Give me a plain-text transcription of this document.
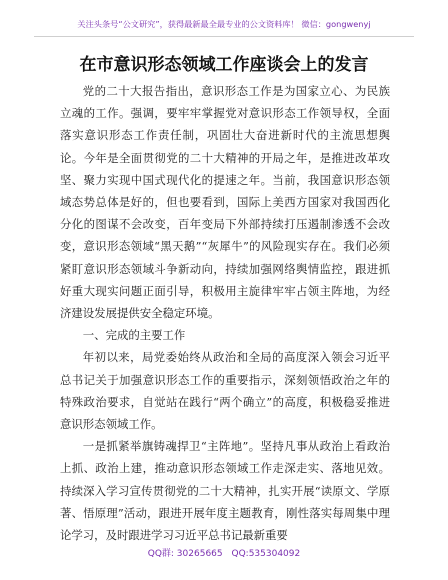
关注头条号“公文研究”，获得最新最全最专业的公文资料库！ 微信：gongwenyj
在市意识形态领域工作座谈会上的发言

党的二十大报告指出，意识形态工作是为国家立心、为民族立魂的工作。强调，要牢牢掌握党对意识形态工作领导权，全面落实意识形态工作责任制，巩固壮大奋进新时代的主流思想舆论。今年是全面贯彻党的二十大精神的开局之年，是推进改革攻坚、聚力实现中国式现代化的提速之年。当前，我国意识形态领域态势总体是好的，但也要看到，国际上美西方国家对我国西化分化的图谋不会改变，百年变局下外部持续打压遏制渗透不会改变，意识形态领域“黑天鹅”“灰犀牛”的风险现实存在。我们必须紧盯意识形态领域斗争新动向，持续加强网络舆情监控，跟进抓好重大现实问题正面引导，积极用主旋律牢牢占领主阵地，为经济建设发展提供安全稳定环境。

一、完成的主要工作

年初以来，局党委始终从政治和全局的高度深入领会习近平总书记关于加强意识形态工作的重要指示，深刻领悟政治之年的特殊政治要求，自觉站在践行“两个确立”的高度，积极稳妥推进意识形态领域工作。

一是抓紧举旗铸魂捍卫“主阵地”。坚持凡事从政治上看政治上抓、政治上建，推动意识形态领域工作走深走实、落地见效。持续深入学习宣传贯彻党的二十大精神，扎实开展“读原文、学原著、悟原理”活动，跟进开展年度主题教育，刚性落实每周集中理论学习，及时跟进学习习近平总书记最新重要

QQ群: 30265665 QQ:535304092
